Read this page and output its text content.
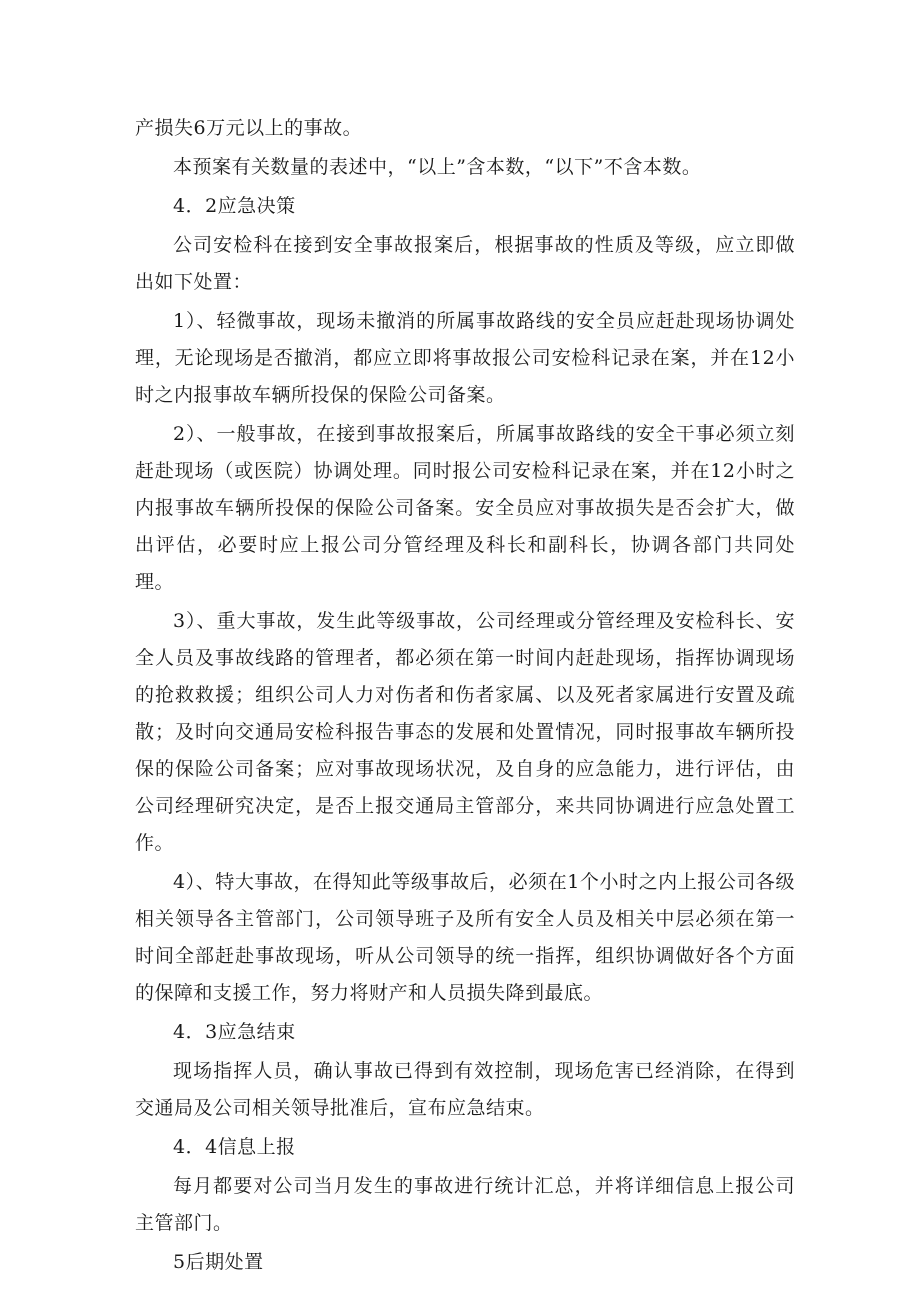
产损失6万元以上的事故。

本预案有关数量的表述中，“以上”含本数，“以下”不含本数。

4．2应急决策

公司安检科在接到安全事故报案后，根据事故的性质及等级，应立即做出如下处置：

1）、轻微事故，现场未撤消的所属事故路线的安全员应赶赴现场协调处理，无论现场是否撤消，都应立即将事故报公司安检科记录在案，并在12小时之内报事故车辆所投保的保险公司备案。

2）、一般事故，在接到事故报案后，所属事故路线的安全干事必须立刻赶赴现场（或医院）协调处理。同时报公司安检科记录在案，并在12小时之内报事故车辆所投保的保险公司备案。安全员应对事故损失是否会扩大，做出评估，必要时应上报公司分管经理及科长和副科长，协调各部门共同处理。

3）、重大事故，发生此等级事故，公司经理或分管经理及安检科长、安全人员及事故线路的管理者，都必须在第一时间内赶赴现场，指挥协调现场的抢救救援；组织公司人力对伤者和伤者家属、以及死者家属进行安置及疏散；及时向交通局安检科报告事态的发展和处置情况，同时报事故车辆所投保的保险公司备案；应对事故现场状况，及自身的应急能力，进行评估，由公司经理研究决定，是否上报交通局主管部分，来共同协调进行应急处置工作。

4）、特大事故，在得知此等级事故后，必须在1个小时之内上报公司各级相关领导各主管部门，公司领导班子及所有安全人员及相关中层必须在第一时间全部赶赴事故现场，听从公司领导的统一指挥，组织协调做好各个方面的保障和支援工作，努力将财产和人员损失降到最底。

4．3应急结束

现场指挥人员，确认事故已得到有效控制，现场危害已经消除，在得到交通局及公司相关领导批准后，宣布应急结束。

4．4信息上报

每月都要对公司当月发生的事故进行统计汇总，并将详细信息上报公司主管部门。

5后期处置
